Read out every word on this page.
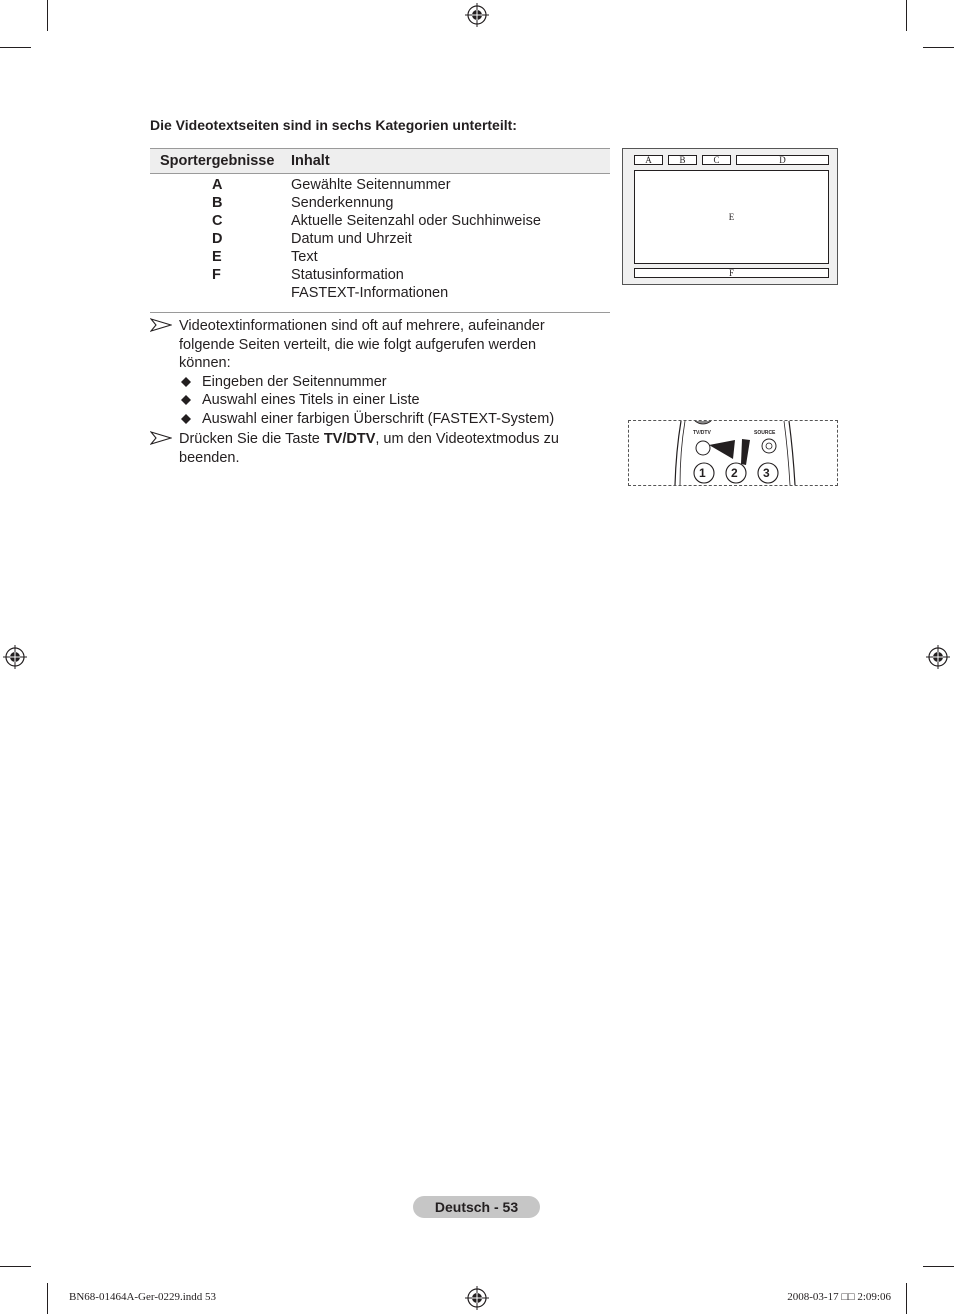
Die Videotextseiten sind in sechs Kategorien unterteilt:
Sportergebnisse Inhalt
A	Gewählte Seitennummer
B	Senderkennung
C	Aktuelle Seitenzahl oder Suchhinweise
D	Datum und Uhrzeit
E	Text
F	Statusinformation
FASTEXT-Informationen
Videotextinformationen sind oft auf mehrere, aufeinander folgende Seiten verteilt, die wie folgt aufgerufen werden können:
Eingeben der Seitennummer
Auswahl eines Titels in einer Liste
Auswahl einer farbigen Überschrift (FASTEXT-System)
Drücken Sie die Taste TV/DTV, um den Videotextmodus zu beenden.
A	B	C	D
E
F
TV/DTV	SOURCE
1 2 3
Deutsch - 53
BN68-01464A-Ger-0229.indd 53	2008-03-17 □□ 2:09:06
